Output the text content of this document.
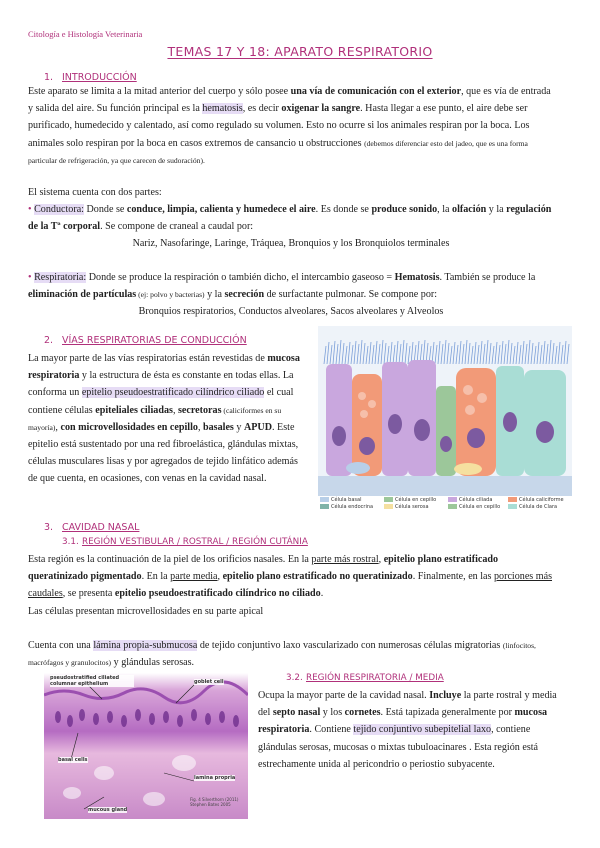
Citología e Histología Veterinaria
TEMAS 17 Y 18: APARATO RESPIRATORIO
1. INTRODUCCIÓN
Este aparato se limita a la mitad anterior del cuerpo y sólo posee una vía de comunicación con el exterior, que es vía de entrada y salida del aire. Su función principal es la hematosis, es decir oxigenar la sangre. Hasta llegar a ese punto, el aire debe ser purificado, humedecido y calentado, así como regulado su volumen. Esto no ocurre si los animales respiran por la boca. Los animales solo respiran por la boca en casos extremos de cansancio u obstrucciones (debemos diferenciar esto del jadeo, que es una forma particular de refrigeración, ya que carecen de sudoración).
El sistema cuenta con dos partes:
• Conductora: Donde se conduce, limpia, calienta y humedece el aire. Es donde se produce sonido, la olfación y la regulación de la Tª corporal. Se compone de craneal a caudal por:
Nariz, Nasofaringe, Laringe, Tráquea, Bronquios y los Bronquiolos terminales
• Respiratoria: Donde se produce la respiración o también dicho, el intercambio gaseoso = Hematosis. También se produce la eliminación de partículas (ej: polvo y bacterias) y la secreción de surfactante pulmonar. Se compone por:
Bronquios respiratorios, Conductos alveolares, Sacos alveolares y Alveolos
2. VÍAS RESPIRATORIAS DE CONDUCCIÓN
La mayor parte de las vías respiratorias están revestidas de mucosa respiratoria y la estructura de ésta es constante en todas ellas. La conforma un epitelio pseudoestratificado cilíndrico ciliado el cual contiene células epiteliales ciliadas, secretoras (caliciformes en su mayoría), con microvellosidades en cepillo, basales y APUD. Este epitelio está sustentado por una red fibroelástica, glándulas mixtas, células musculares lisas y por agregados de tejido linfático además de que cuenta, en ocasiones, con venas en la cavidad nasal.
Célula basal	Célula en cepillo	Célula ciliada	Célula caliciforme
Célula endocrina	Célula serosa	Célula en cepillo	Célula de Clara
3. CAVIDAD NASAL
3.1. REGIÓN VESTIBULAR / ROSTRAL / REGIÓN CUTÁNIA
Esta región es la continuación de la piel de los orificios nasales. En la parte más rostral, epitelio plano estratificado queratinizado pigmentado. En la parte media, epitelio plano estratificado no queratinizado. Finalmente, en las porciones más caudales, se presenta epitelio pseudoestratificado cilíndrico no ciliado.
Las células presentan microvellosidades en su parte apical
Cuenta con una lámina propia-submucosa de tejido conjuntivo laxo vascularizado con numerosas células migratorias (linfocitos, macrófagos y granulocitos) y glándulas serosas.
pseudostratified ciliated columnar epithelium	goblet cell
basal cells
lamina propria
mucous gland
Fig. 4 Silverthorn (2011) Stephen Bates 2005
3.2. REGIÓN RESPIRATORIA / MEDIA
Ocupa la mayor parte de la cavidad nasal. Incluye la parte rostral y media del septo nasal y los cornetes. Está tapizada generalmente por mucosa respiratoria. Contiene tejido conjuntivo subepitelial laxo, contiene glándulas serosas, mucosas o mixtas tubuloacinares . Esta región está estrechamente unida al pericondrio o periostio subyacente.
